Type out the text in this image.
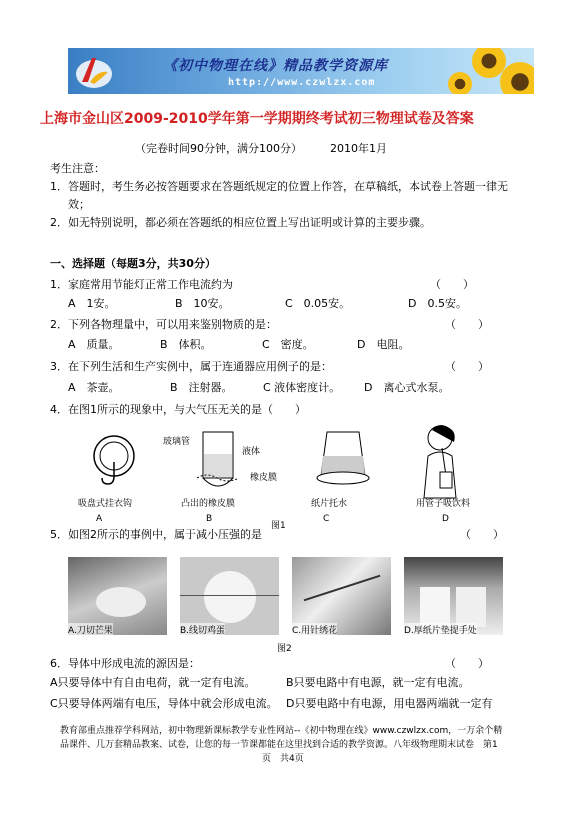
《初中物理在线》精品教学资源库
http://www.czwlzx.com
上海市金山区2009-2010学年第一学期期终考试初三物理试卷及答案
（完卷时间90分钟，满分100分）	2010年1月
考生注意：
1．答题时，考生务必按答题要求在答题纸规定的位置上作答，在草稿纸，本试卷上答题一律无
效；
2．如无特别说明，都必须在答题纸的相应位置上写出证明或计算的主要步骤。
一、选择题（每题3分，共30分）
1．家庭常用节能灯正常工作电流约为	（　　）
A　1安。	B　10安。	C　0.05安。	D　0.5安。
2．下列各物理量中，可以用来鉴别物质的是：	（　　）
A　质量。	B　体积。	C　密度。	D　电阻。
3．在下列生活和生产实例中，属于连通器应用例子的是：	（　　）
A　茶壶。	B　注射器。	C 液体密度计。 D　离心式水泵。
4．在图1所示的现象中，与大气压无关的是（　　）
玻璃管
液体
橡皮膜
吸盘式挂衣钩	凸出的橡皮膜	纸片托水	用管子吸饮料
A	B	C	D
图1
5．如图2所示的事例中，属于减小压强的是	（　　）
A.刀切芒果	B.线切鸡蛋	C.用针绣花	D.厚纸片垫提手处
图2
6．导体中形成电流的源因是：	（　　）
A只要导体中有自由电荷，就一定有电流。	B只要电路中有电源，就一定有电流。
C只要导体两端有电压，导体中就会形成电流。 D只要电路中有电源，用电器两端就一定有
教育部重点推荐学科网站，初中物理新课标教学专业性网站--《初中物理在线》www.czwlzx.com，一万余个精
品课件、几万套精品教案、试卷，让您的每一节课都能在这里找到合适的教学资源。八年级物理期末试卷　第1
页　共4页
